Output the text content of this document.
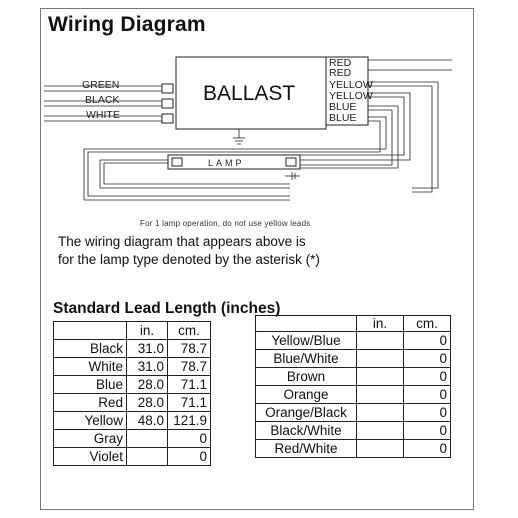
Wiring Diagram
BALLAST
GREEN
BLACK
WHITE
RED
RED
YELLOW
YELLOW
BLUE
BLUE
LAMP
For 1 lamp operation, do not use yellow leads
The wiring diagram that appears above is
for the lamp type denoted by the asterisk (*)
Standard Lead Length (inches)
	in.	cm.
Black	31.0	78.7
White	31.0	78.7
Blue	28.0	71.1
Red	28.0	71.1
Yellow	48.0	121.9
Gray		0
Violet		0
	in.	cm.
Yellow/Blue		0
Blue/White		0
Brown		0
Orange		0
Orange/Black		0
Black/White		0
Red/White		0
